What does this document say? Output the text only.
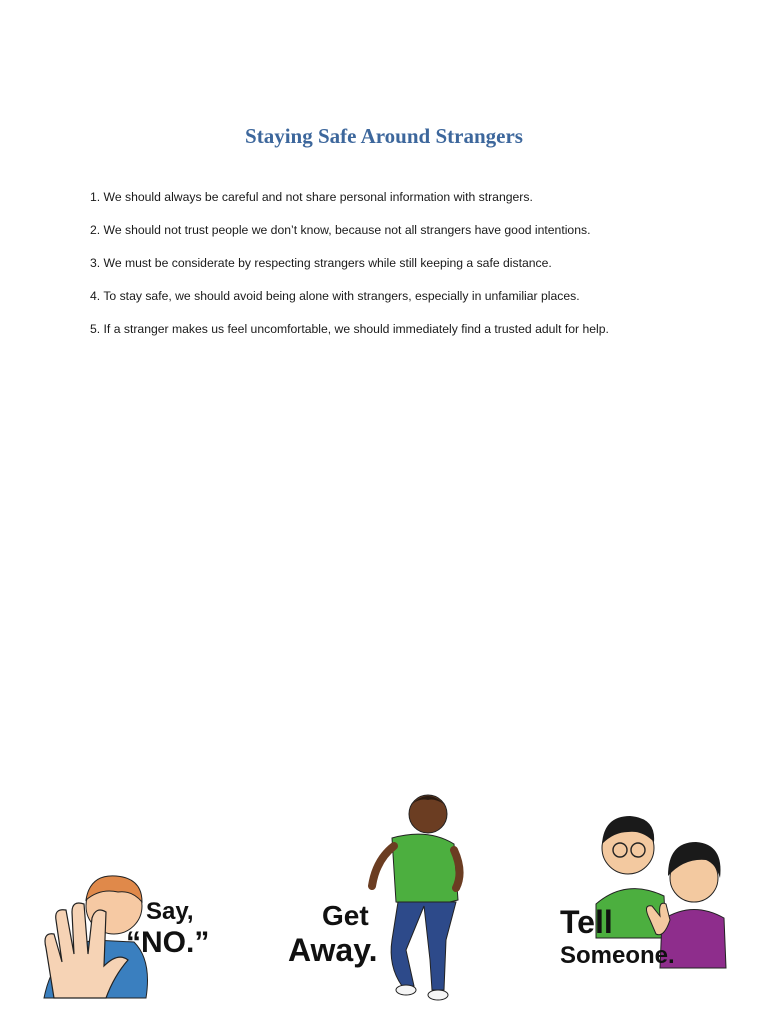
Staying Safe Around Strangers
1. We should always be careful and not share personal information with strangers.
2. We should not trust people we don’t know, because not all strangers have good intentions.
3. We must be considerate by respecting strangers while still keeping a safe distance.
4. To stay safe, we should avoid being alone with strangers, especially in unfamiliar places.
5. If a stranger makes us feel uncomfortable, we should immediately find a trusted adult for help.
Say,
“NO.”
Get
Away.
Tell
Someone.
